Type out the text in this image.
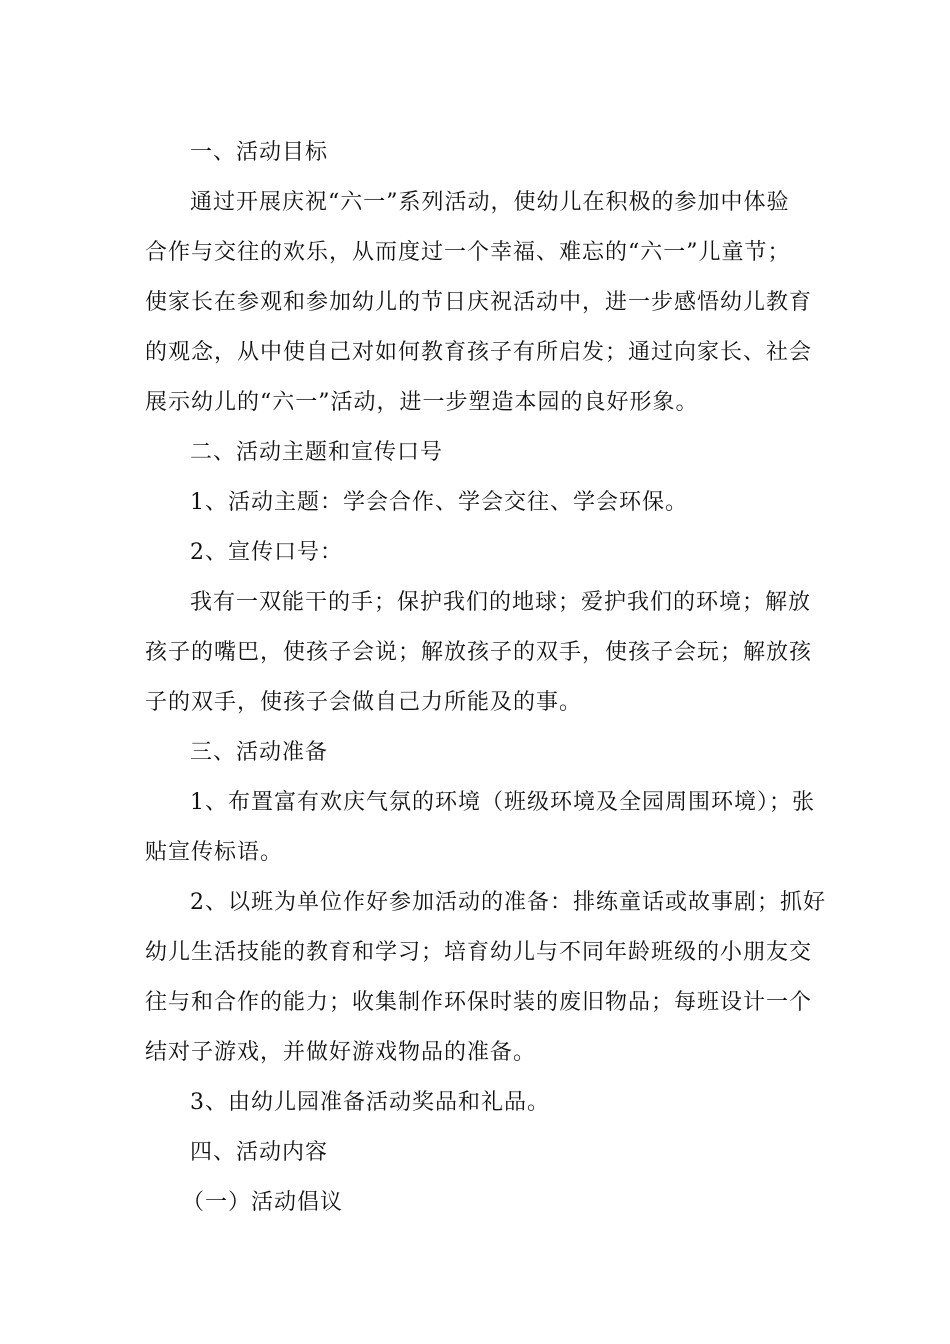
一、活动目标

通过开展庆祝“六一”系列活动，使幼儿在积极的参加中体验
合作与交往的欢乐，从而度过一个幸福、难忘的“六一”儿童节；
使家长在参观和参加幼儿的节日庆祝活动中，进一步感悟幼儿教育
的观念，从中使自己对如何教育孩子有所启发；通过向家长、社会
展示幼儿的“六一”活动，进一步塑造本园的良好形象。

二、活动主题和宣传口号

1、活动主题：学会合作、学会交往、学会环保。

2、宣传口号：

我有一双能干的手；保护我们的地球；爱护我们的环境；解放
孩子的嘴巴，使孩子会说；解放孩子的双手，使孩子会玩；解放孩
子的双手，使孩子会做自己力所能及的事。

三、活动准备

1、布置富有欢庆气氛的环境（班级环境及全园周围环境）；张
贴宣传标语。

2、以班为单位作好参加活动的准备：排练童话或故事剧；抓好
幼儿生活技能的教育和学习；培育幼儿与不同年龄班级的小朋友交
往与和合作的能力；收集制作环保时装的废旧物品；每班设计一个
结对子游戏，并做好游戏物品的准备。

3、由幼儿园准备活动奖品和礼品。

四、活动内容

（一）活动倡议
